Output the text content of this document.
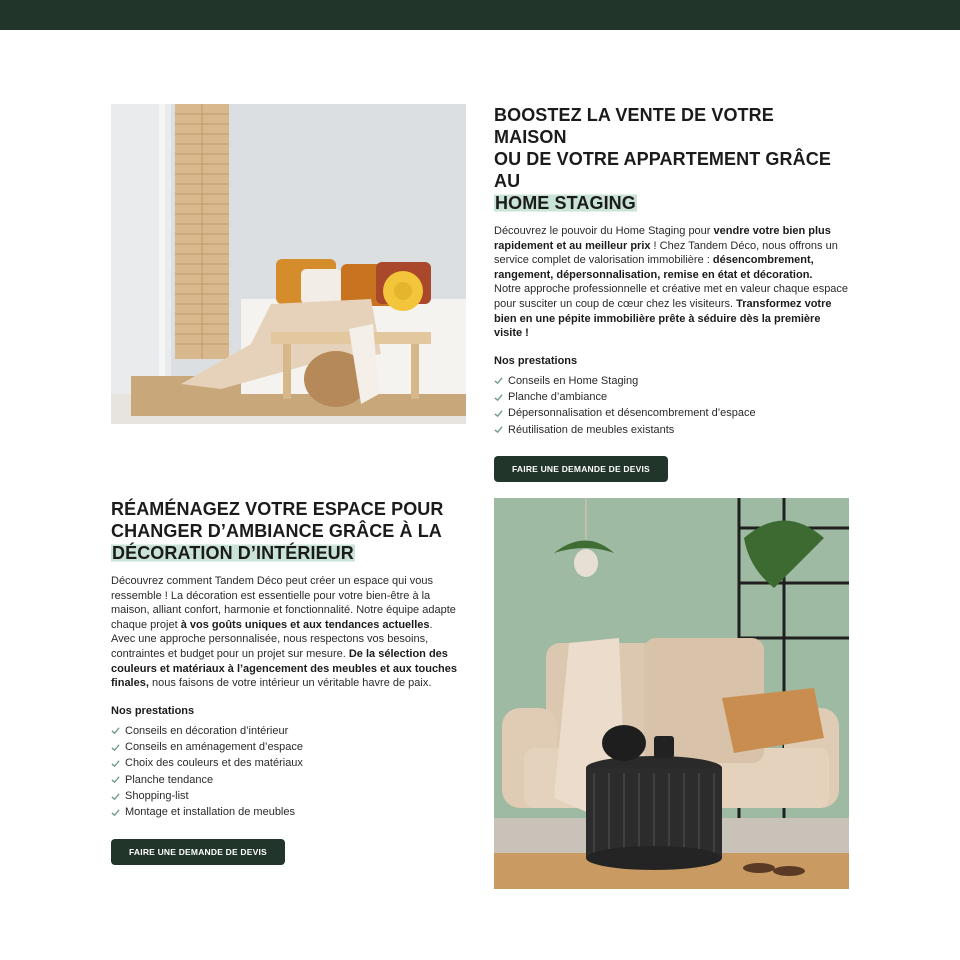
BOOSTEZ LA VENTE DE VOTRE MAISON
OU DE VOTRE APPARTEMENT GRÂCE AU
HOME STAGING

Découvrez le pouvoir du Home Staging pour vendre votre bien plus rapidement et au meilleur prix ! Chez Tandem Déco, nous offrons un service complet de valorisation immobilière : désencombrement, rangement, dépersonnalisation, remise en état et décoration.
Notre approche professionnelle et créative met en valeur chaque espace pour susciter un coup de cœur chez les visiteurs. Transformez votre bien en une pépite immobilière prête à séduire dès la première visite !

Nos prestations

Conseils en Home Staging
Planche d’ambiance
Dépersonnalisation et désencombrement d’espace
Réutilisation de meubles existants
FAIRE UNE DEMANDE DE DEVIS
RÉAMÉNAGEZ VOTRE ESPACE POUR
CHANGER D’AMBIANCE GRÂCE À LA
DÉCORATION D’INTÉRIEUR

Découvrez comment Tandem Déco peut créer un espace qui vous ressemble ! La décoration est essentielle pour votre bien-être à la maison, alliant confort, harmonie et fonctionnalité. Notre équipe adapte chaque projet à vos goûts uniques et aux tendances actuelles.
Avec une approche personnalisée, nous respectons vos besoins, contraintes et budget pour un projet sur mesure. De la sélection des couleurs et matériaux à l’agencement des meubles et aux touches finales, nous faisons de votre intérieur un véritable havre de paix.

Nos prestations

Conseils en décoration d’intérieur
Conseils en aménagement d’espace
Choix des couleurs et des matériaux
Planche tendance
Shopping-list
Montage et installation de meubles
FAIRE UNE DEMANDE DE DEVIS
